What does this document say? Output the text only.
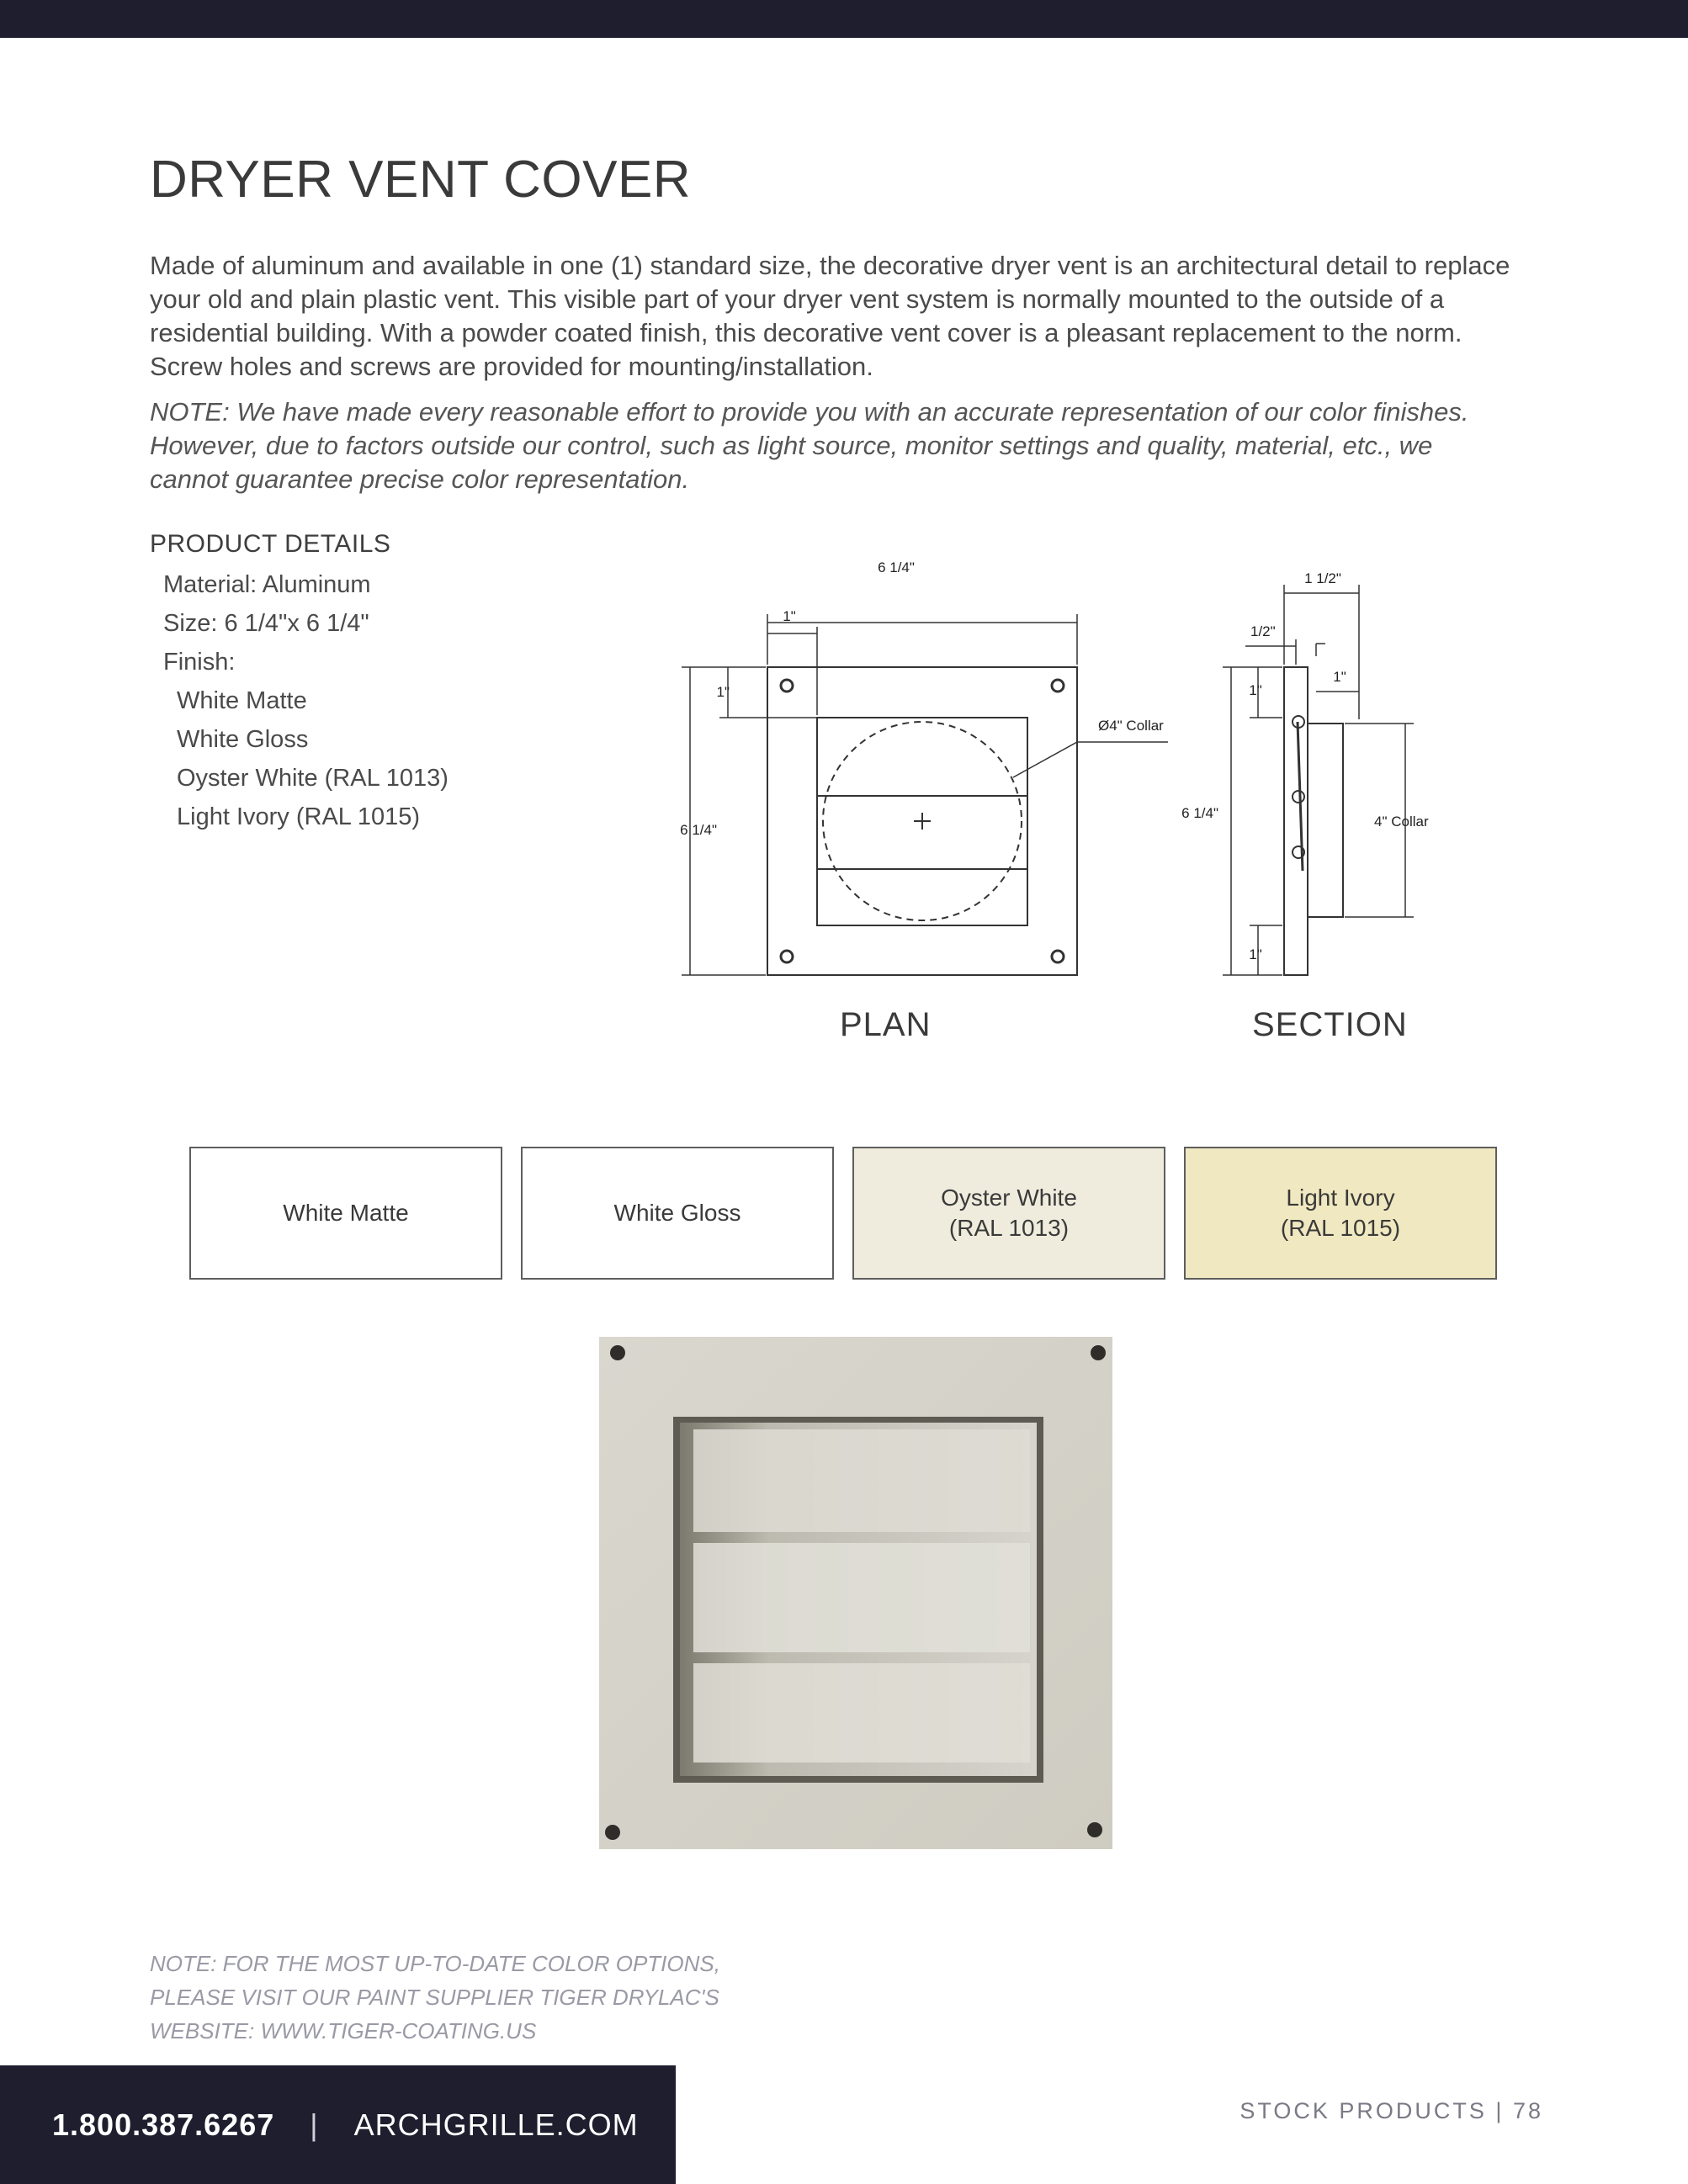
DRYER VENT COVER

Made of aluminum and available in one (1) standard size, the decorative dryer vent is an architectural detail to replace your old and plain plastic vent. This visible part of your dryer vent system is normally mounted to the outside of a residential building. With a powder coated finish, this decorative vent cover is a pleasant replacement to the norm. Screw holes and screws are provided for mounting/installation.

NOTE: We have made every reasonable effort to provide you with an accurate representation of our color finishes. However, due to factors outside our control, such as light source, monitor settings and quality, material, etc., we cannot guarantee precise color representation.

PRODUCT DETAILS
Material: Aluminum
Size: 6 1/4"x 6 1/4"
Finish:
White Matte
White Gloss
Oyster White (RAL 1013)
Light Ivory (RAL 1015)
6 1/4"
1"
1"
6 1/4"
Ø4" Collar
1 1/2"
1/2"
1"
1"
1"
6 1/4"
4" Collar
PLAN	SECTION
White Matte	White Gloss
Oyster White
(RAL 1013)
Light Ivory
(RAL 1015)
NOTE: FOR THE MOST UP-TO-DATE COLOR OPTIONS,
PLEASE VISIT OUR PAINT SUPPLIER TIGER DRYLAC'S
WEBSITE: WWW.TIGER-COATING.US
1.800.387.6267 | ARCHGRILLE.COM	STOCK PRODUCTS | 78
